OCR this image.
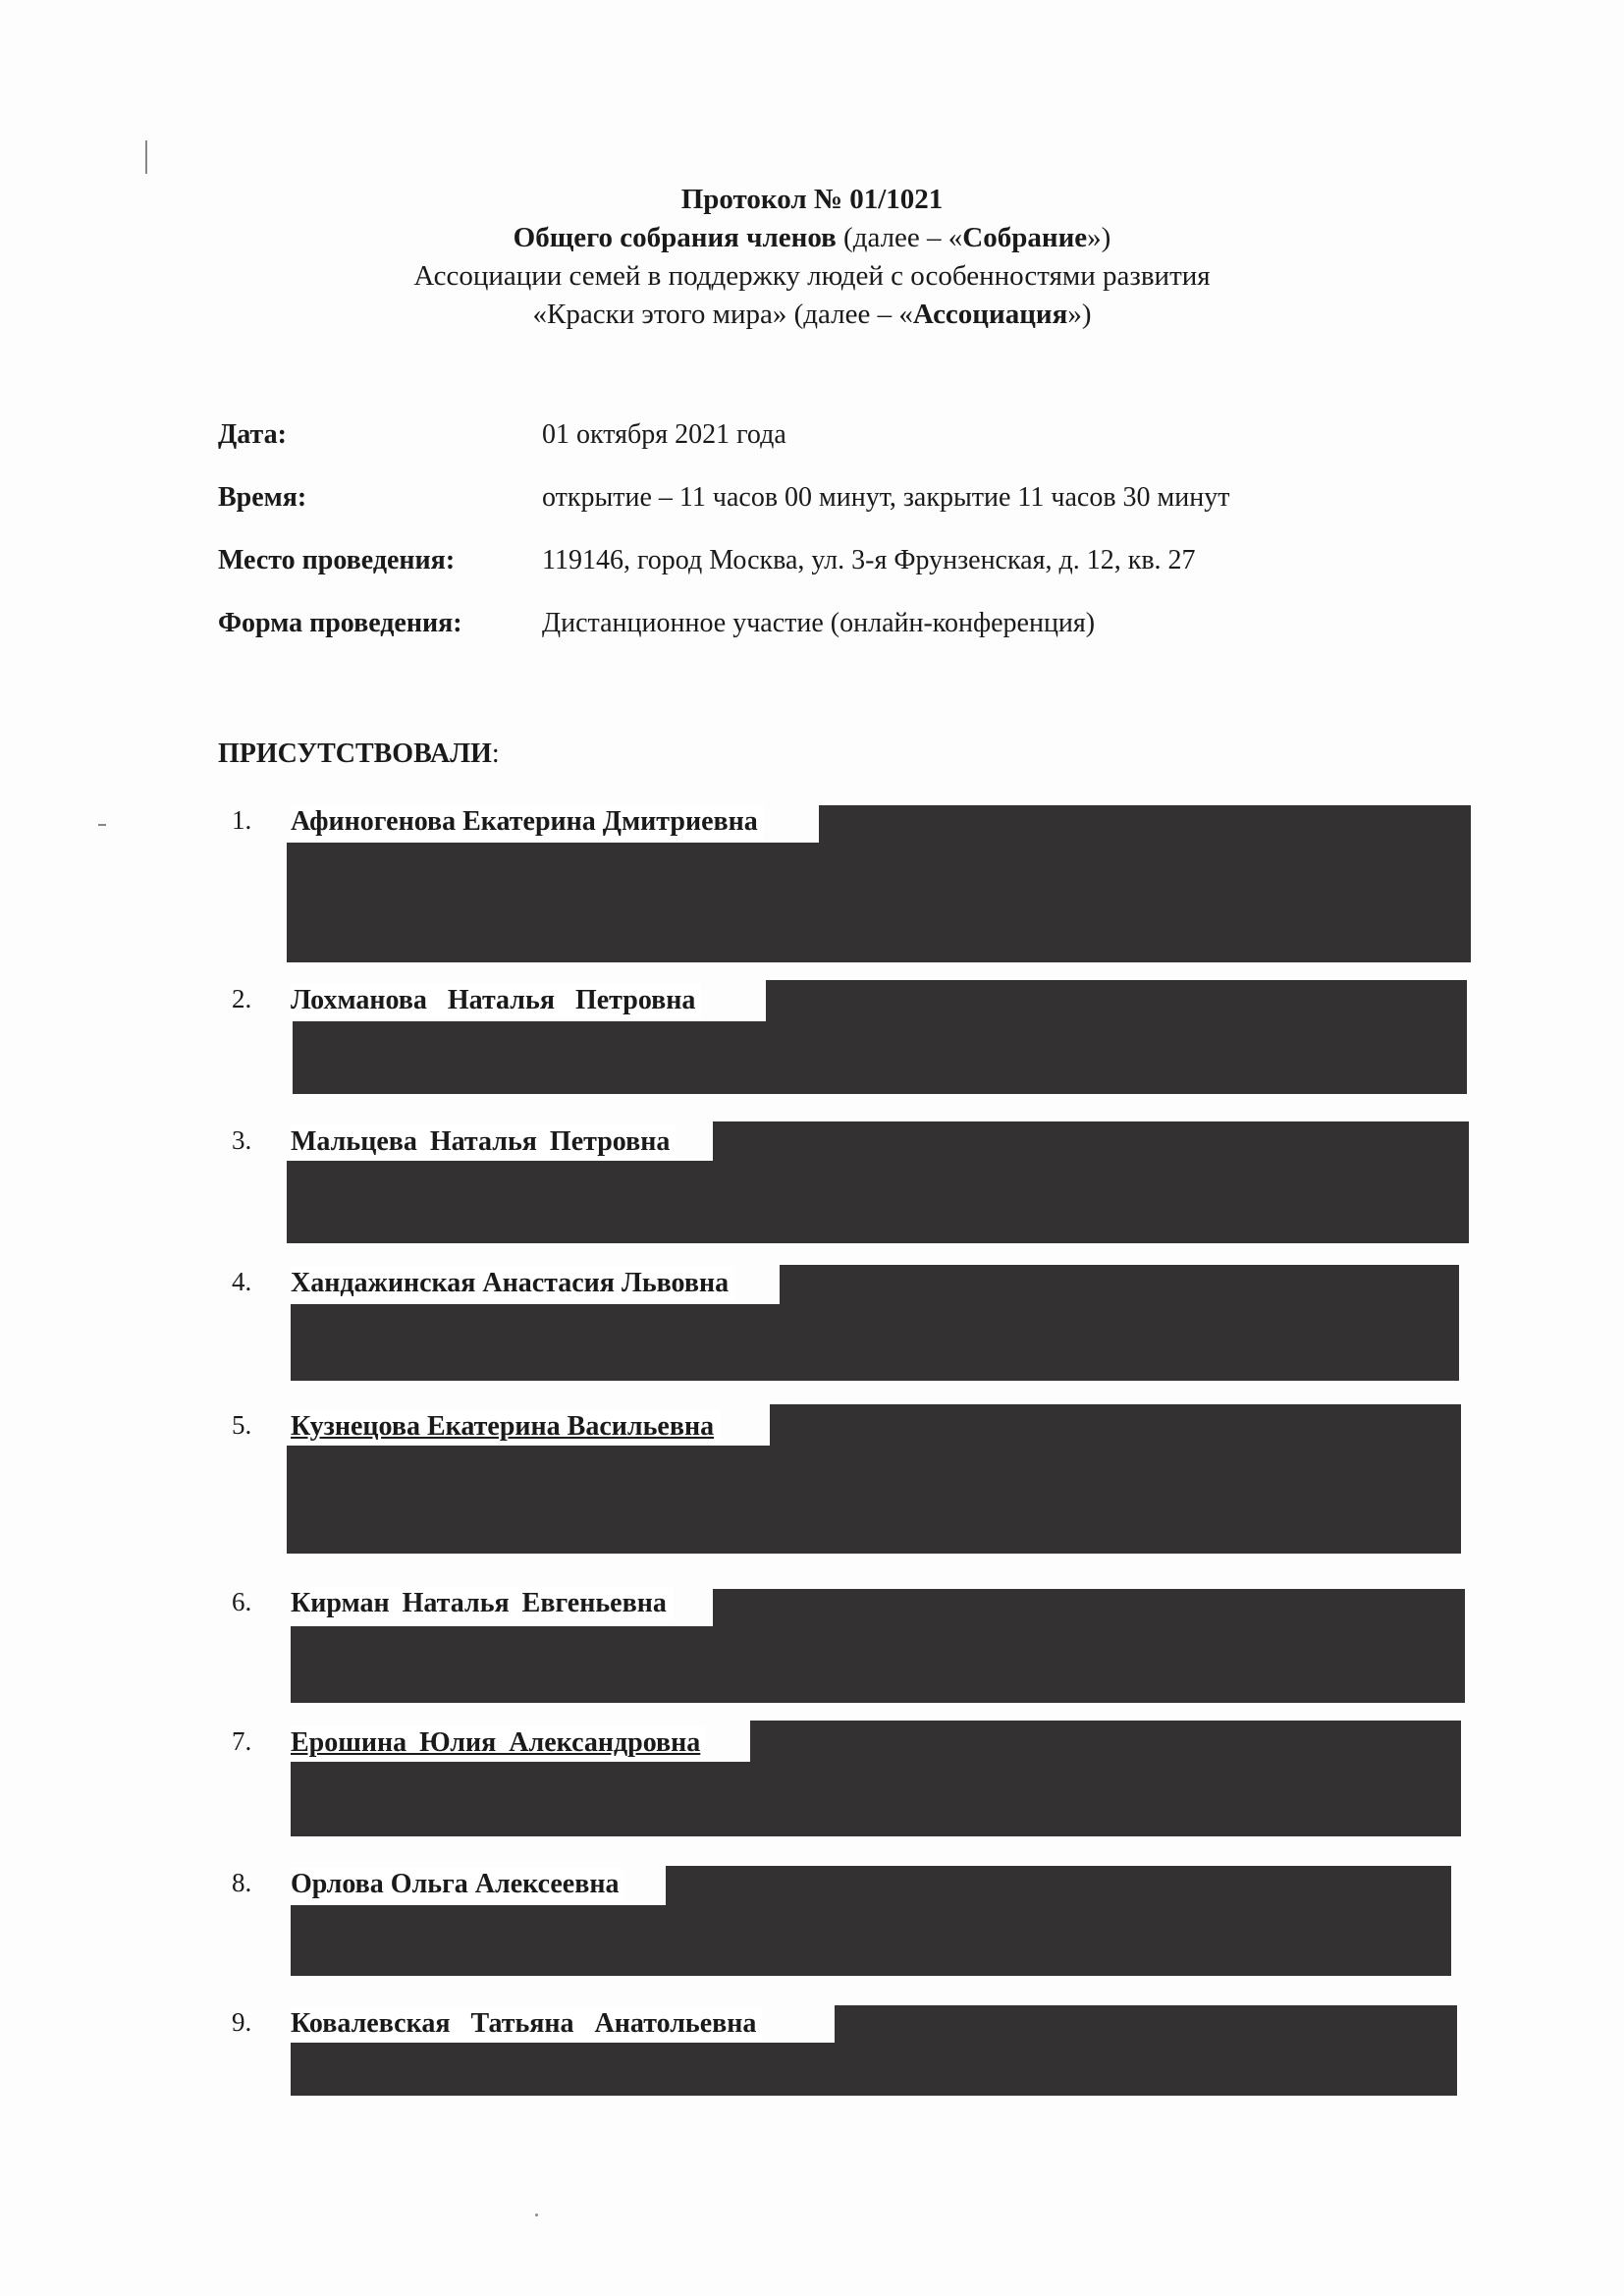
Протокол № 01/1021
Общего собрания членов (далее – «Собрание»)
Ассоциации семей в поддержку людей с особенностями развития
«Краски этого мира» (далее – «Ассоциация»)
Дата:	01 октября 2021 года
Время:	открытие – 11 часов 00 минут, закрытие 11 часов 30 минут
Место проведения:	119146, город Москва, ул. 3-я Фрунзенская, д. 12, кв. 27
Форма проведения:	Дистанционное участие (онлайн-конференция)
ПРИСУТСТВОВАЛИ:
1. Афиногенова Екатерина Дмитриевна
2. Лохманова Наталья Петровна
3. Мальцева Наталья Петровна
4. Хандажинская Анастасия Львовна
5. Кузнецова Екатерина Васильевна
6. Кирман Наталья Евгеньевна
7. Ерошина Юлия Александровна
8. Орлова Ольга Алексеевна
9. Ковалевская Татьяна Анатольевна
